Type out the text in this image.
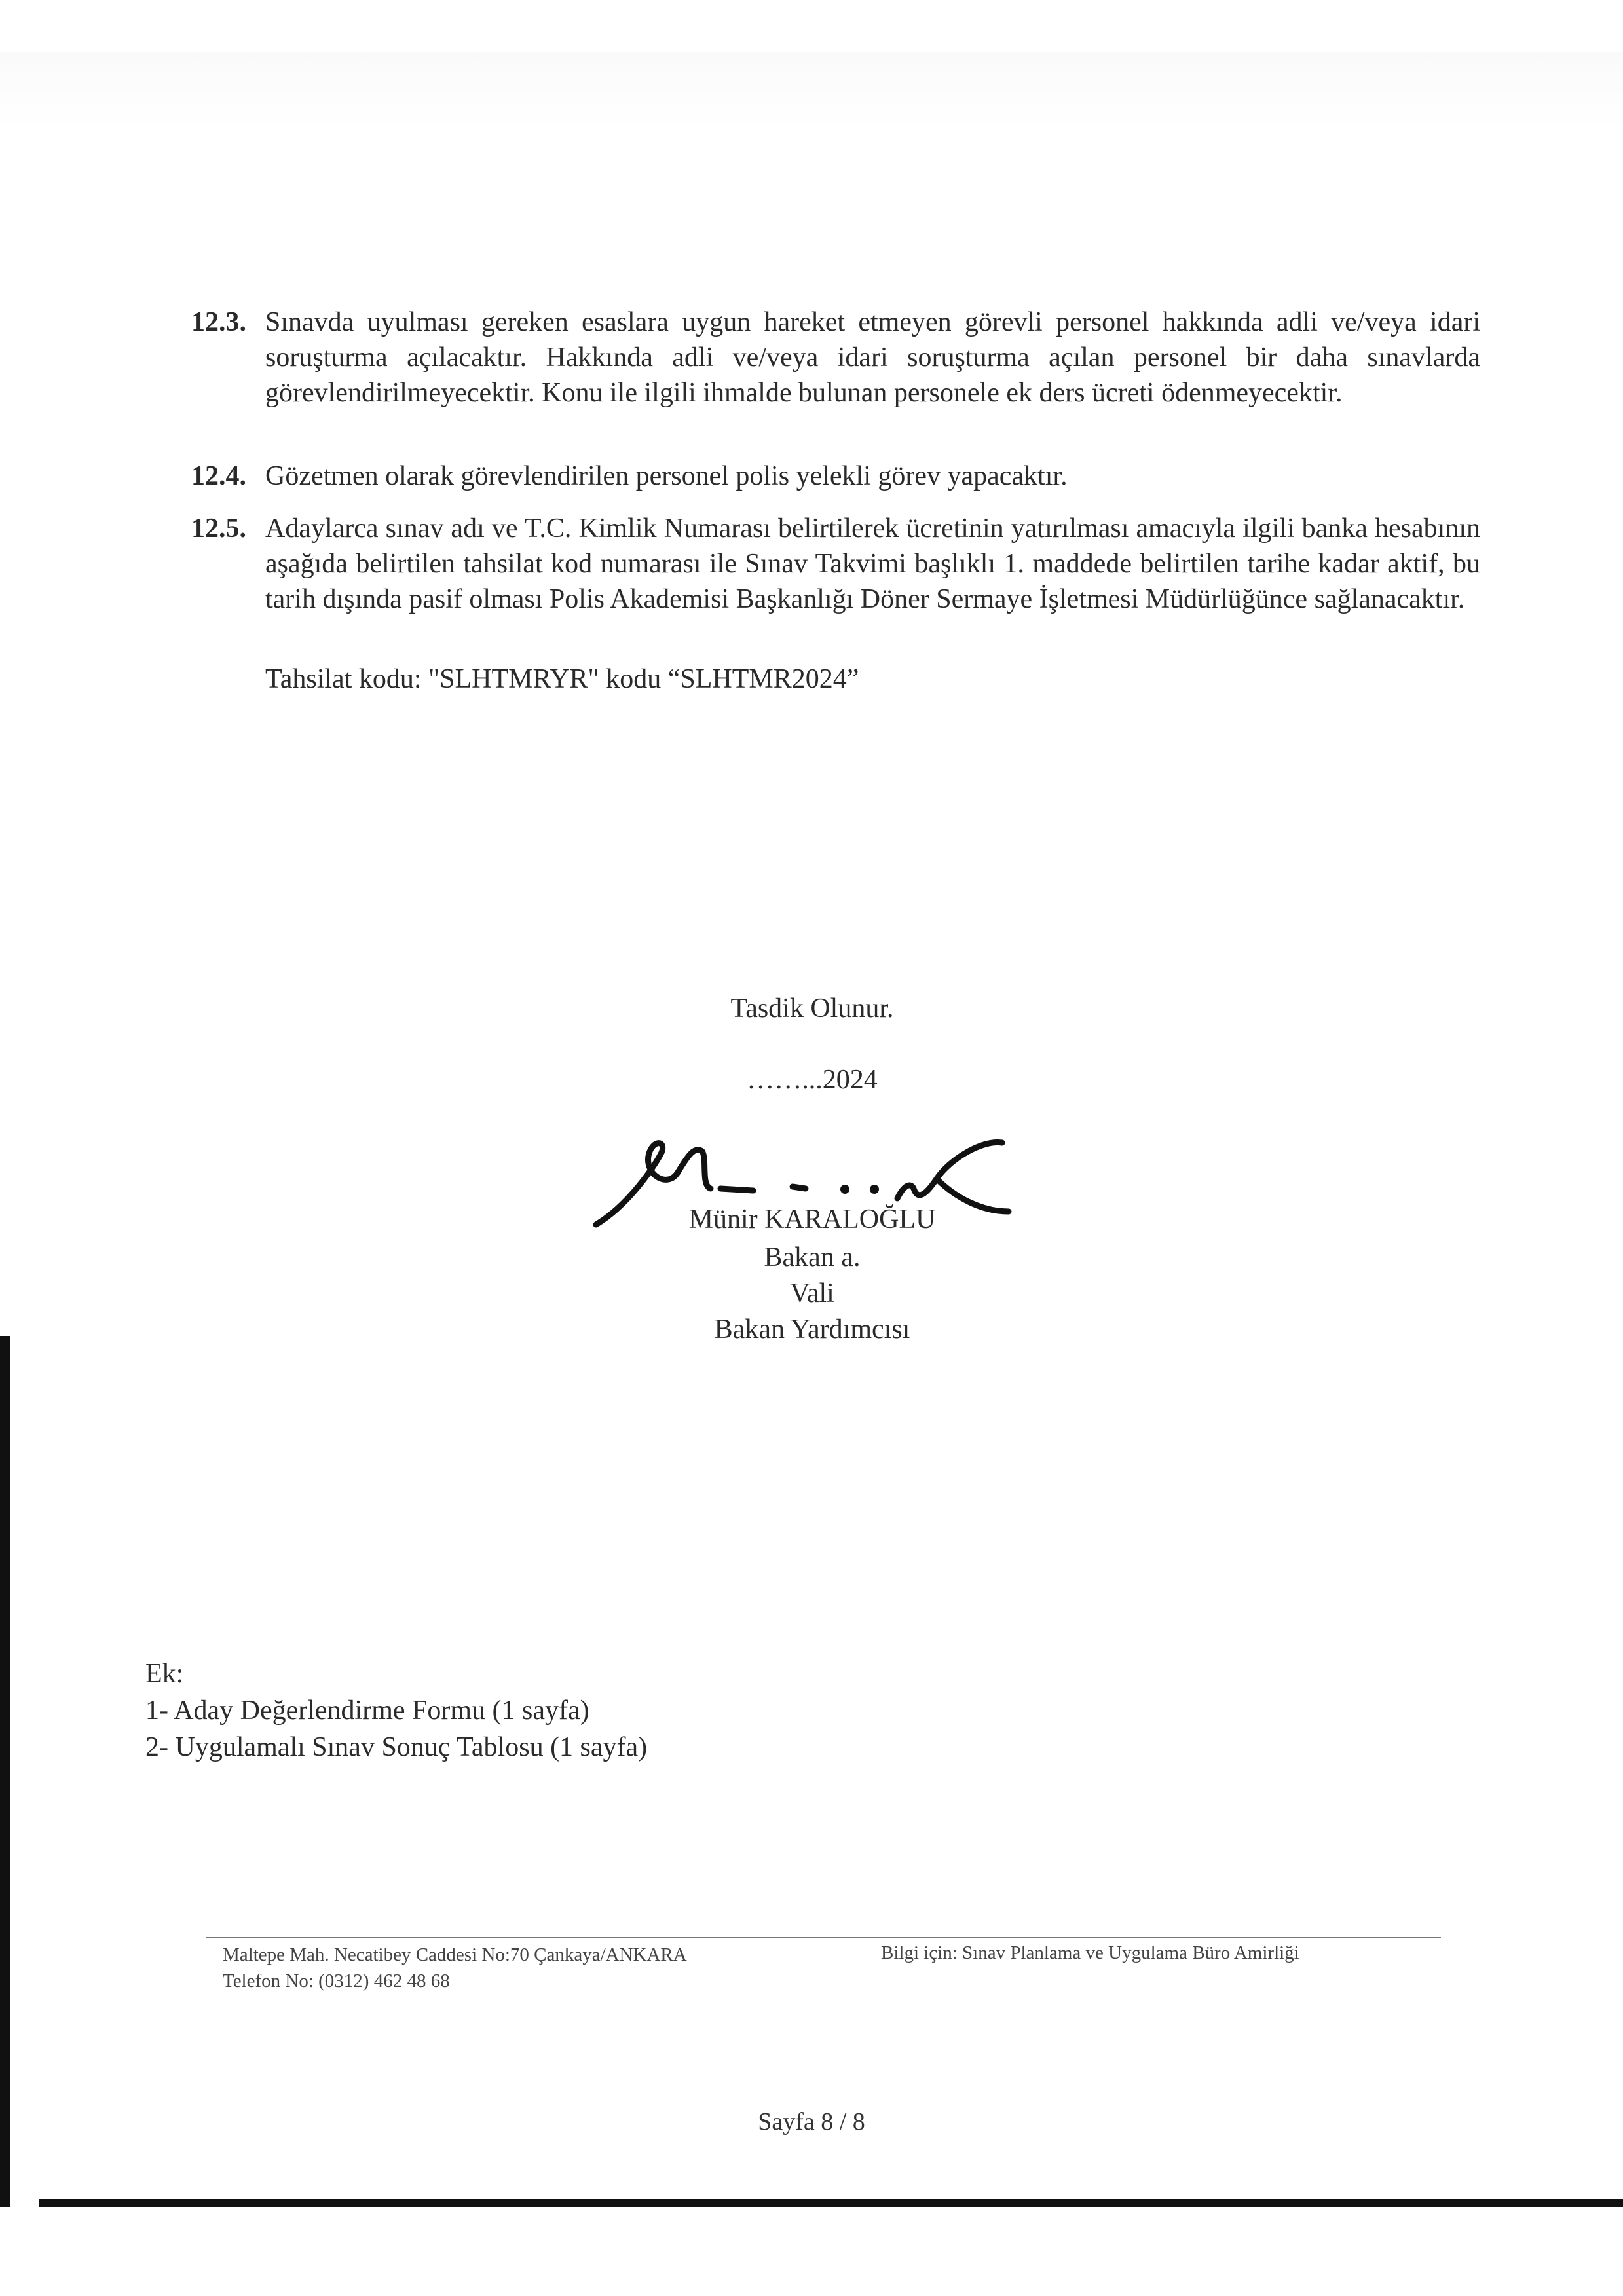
12.3. Sınavda uyulması gereken esaslara uygun hareket etmeyen görevli personel hakkında adli ve/veya idari soruşturma açılacaktır. Hakkında adli ve/veya idari soruşturma açılan personel bir daha sınavlarda görevlendirilmeyecektir. Konu ile ilgili ihmalde bulunan personele ek ders ücreti ödenmeyecektir.
12.4. Gözetmen olarak görevlendirilen personel polis yelekli görev yapacaktır.
12.5. Adaylarca sınav adı ve T.C. Kimlik Numarası belirtilerek ücretinin yatırılması amacıyla ilgili banka hesabının aşağıda belirtilen tahsilat kod numarası ile Sınav Takvimi başlıklı 1. maddede belirtilen tarihe kadar aktif, bu tarih dışında pasif olması Polis Akademisi Başkanlığı Döner Sermaye İşletmesi Müdürlüğünce sağlanacaktır.
Tahsilat kodu: "SLHTMRYR" kodu “SLHTMR2024”
Tasdik Olunur.
……...2024
Münir KARALOĞLU
Bakan a.
Vali
Bakan Yardımcısı
Ek:
1- Aday Değerlendirme Formu (1 sayfa)
2- Uygulamalı Sınav Sonuç Tablosu (1 sayfa)
Maltepe Mah. Necatibey Caddesi No:70 Çankaya/ANKARA
Telefon No: (0312) 462 48 68
Bilgi için: Sınav Planlama ve Uygulama Büro Amirliği
Sayfa 8 / 8
